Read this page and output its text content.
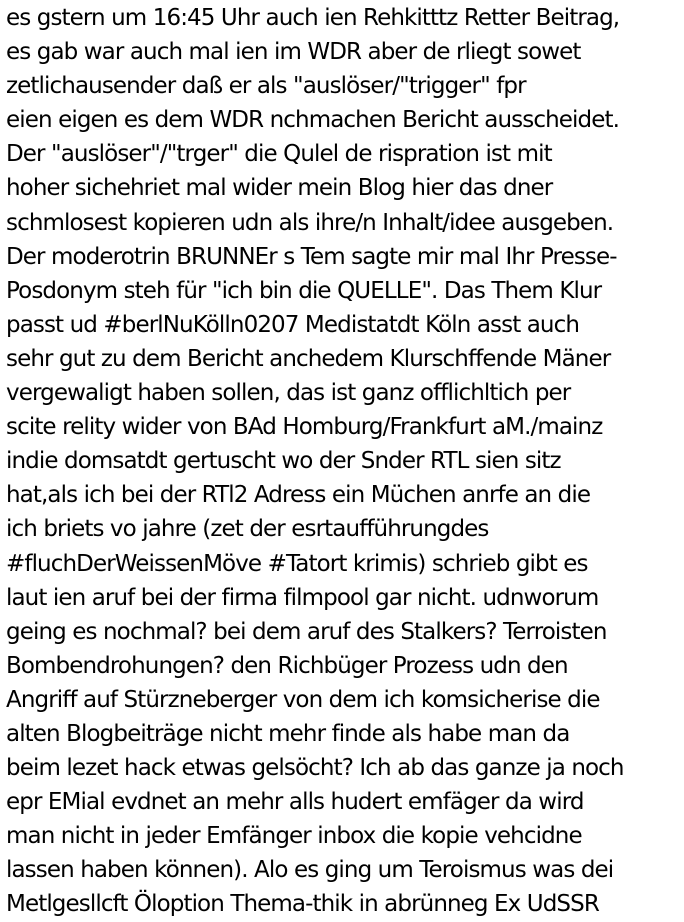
es gstern um 16:45 Uhr auch ien Rehkitttz Retter Beitrag,
es gab war auch mal ien im WDR aber de rliegt sowet
zetlichausender daß er als "auslöser/"trigger" fpr
eien eigen es dem WDR nchmachen Bericht ausscheidet.
Der "auslöser"/"trger" die Qulel de rispration ist mit
hoher sichehriet mal wider mein Blog hier das dner
schmlosest kopieren udn als ihre/n Inhalt/idee ausgeben.
Der moderotrin BRUNNEr s Tem sagte mir mal Ihr Presse-
Posdonym steh für "ich bin die QUELLE". Das Them Klur
passt ud #berlNuKölln0207 Medistatdt Köln asst auch
sehr gut zu dem Bericht anchedem Klurschffende Mäner
vergewaligt haben sollen, das ist ganz offlichltich per
scite relity wider von BAd Homburg/Frankfurt aM./mainz
indie domsatdt gertuscht wo der Snder RTL sien sitz
hat,als ich bei der RTl2 Adress ein Müchen anrfe an die
ich briets vo jahre (zet der esrtaufführungdes
#fluchDerWeissenMöve #Tatort krimis) schrieb gibt es
laut ien aruf bei der firma filmpool gar nicht. udnworum
geing es nochmal? bei dem aruf des Stalkers? Terroisten
Bombendrohungen? den Richbüger Prozess udn den
Angriff auf Stürzneberger von dem ich komsicherise die
alten Blogbeiträge nicht mehr finde als habe man da
beim lezet hack etwas gelsöcht? Ich ab das ganze ja noch
epr EMial evdnet an mehr alls hudert emfäger da wird
man nicht in jeder Emfänger inbox die kopie vehcidne
lassen haben können). Alo es ging um Teroismus was dei
Metlgesllcft Öloption Thema-thik in abrünneg Ex UdSSR
